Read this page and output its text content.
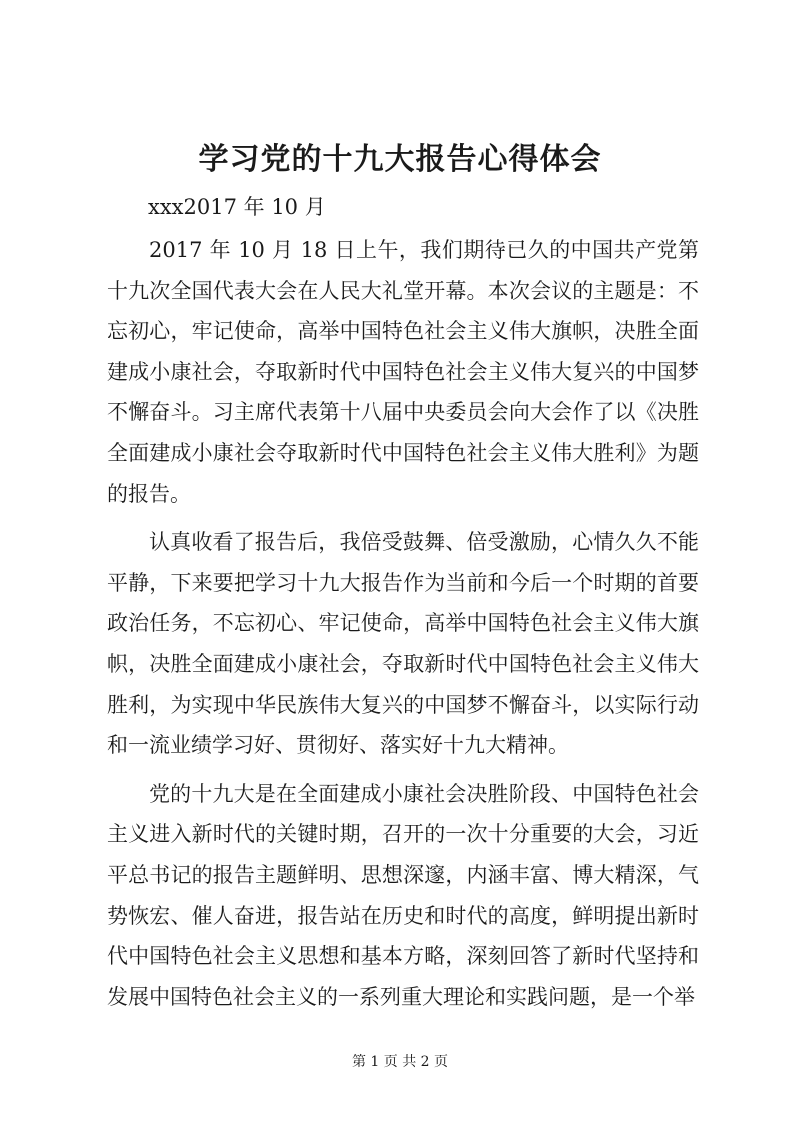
学习党的十九大报告心得体会
xxx2017 年 10 月

2017 年 10 月 18 日上午，我们期待已久的中国共产党第十九次全国代表大会在人民大礼堂开幕。本次会议的主题是：不忘初心，牢记使命，高举中国特色社会主义伟大旗帜，决胜全面建成小康社会，夺取新时代中国特色社会主义伟大复兴的中国梦不懈奋斗。习主席代表第十八届中央委员会向大会作了以《决胜全面建成小康社会夺取新时代中国特色社会主义伟大胜利》为题的报告。

认真收看了报告后，我倍受鼓舞、倍受激励，心情久久不能平静，下来要把学习十九大报告作为当前和今后一个时期的首要政治任务，不忘初心、牢记使命，高举中国特色社会主义伟大旗帜，决胜全面建成小康社会，夺取新时代中国特色社会主义伟大胜利，为实现中华民族伟大复兴的中国梦不懈奋斗，以实际行动和一流业绩学习好、贯彻好、落实好十九大精神。

党的十九大是在全面建成小康社会决胜阶段、中国特色社会主义进入新时代的关键时期，召开的一次十分重要的大会，习近平总书记的报告主题鲜明、思想深邃，内涵丰富、博大精深，气势恢宏、催人奋进，报告站在历史和时代的高度，鲜明提出新时代中国特色社会主义思想和基本方略，深刻回答了新时代坚持和发展中国特色社会主义的一系列重大理论和实践问题，是一个举

第 1 页 共 2 页
